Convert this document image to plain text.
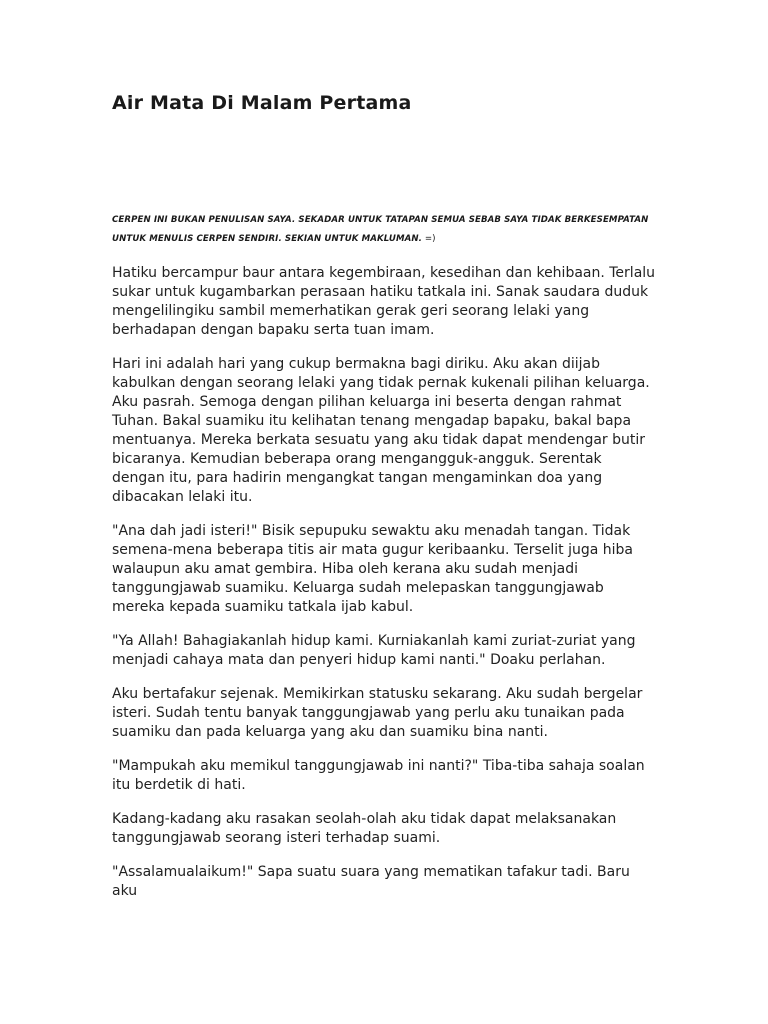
Air Mata Di Malam Pertama

CERPEN INI BUKAN PENULISAN SAYA. SEKADAR UNTUK TATAPAN SEMUA SEBAB SAYA TIDAK BERKESEMPATAN UNTUK MENULIS CERPEN SENDIRI. SEKIAN UNTUK MAKLUMAN. =)

Hatiku bercampur baur antara kegembiraan, kesedihan dan kehibaan. Terlalu sukar untuk kugambarkan perasaan hatiku tatkala ini. Sanak saudara duduk mengelilingiku sambil memerhatikan gerak geri seorang lelaki yang berhadapan dengan bapaku serta tuan imam.

Hari ini adalah hari yang cukup bermakna bagi diriku. Aku akan diijab kabulkan dengan seorang lelaki yang tidak pernak kukenali pilihan keluarga. Aku pasrah. Semoga dengan pilihan keluarga ini beserta dengan rahmat Tuhan. Bakal suamiku itu kelihatan tenang mengadap bapaku, bakal bapa mentuanya. Mereka berkata sesuatu yang aku tidak dapat mendengar butir bicaranya. Kemudian beberapa orang mengangguk-angguk. Serentak dengan itu, para hadirin mengangkat tangan mengaminkan doa yang dibacakan lelaki itu.

"Ana dah jadi isteri!" Bisik sepupuku sewaktu aku menadah tangan. Tidak semena-mena beberapa titis air mata gugur keribaanku. Terselit juga hiba walaupun aku amat gembira. Hiba oleh kerana aku sudah menjadi tanggungjawab suamiku. Keluarga sudah melepaskan tanggungjawab mereka kepada suamiku tatkala ijab kabul.

"Ya Allah! Bahagiakanlah hidup kami. Kurniakanlah kami zuriat-zuriat yang menjadi cahaya mata dan penyeri hidup kami nanti." Doaku perlahan.

Aku bertafakur sejenak. Memikirkan statusku sekarang. Aku sudah bergelar isteri. Sudah tentu banyak tanggungjawab yang perlu aku tunaikan pada suamiku dan pada keluarga yang aku dan suamiku bina nanti.

"Mampukah aku memikul tanggungjawab ini nanti?" Tiba-tiba sahaja soalan itu berdetik di hati.

Kadang-kadang aku rasakan seolah-olah aku tidak dapat melaksanakan tanggungjawab seorang isteri terhadap suami.

"Assalamualaikum!" Sapa suatu suara yang mematikan tafakur tadi. Baru aku
